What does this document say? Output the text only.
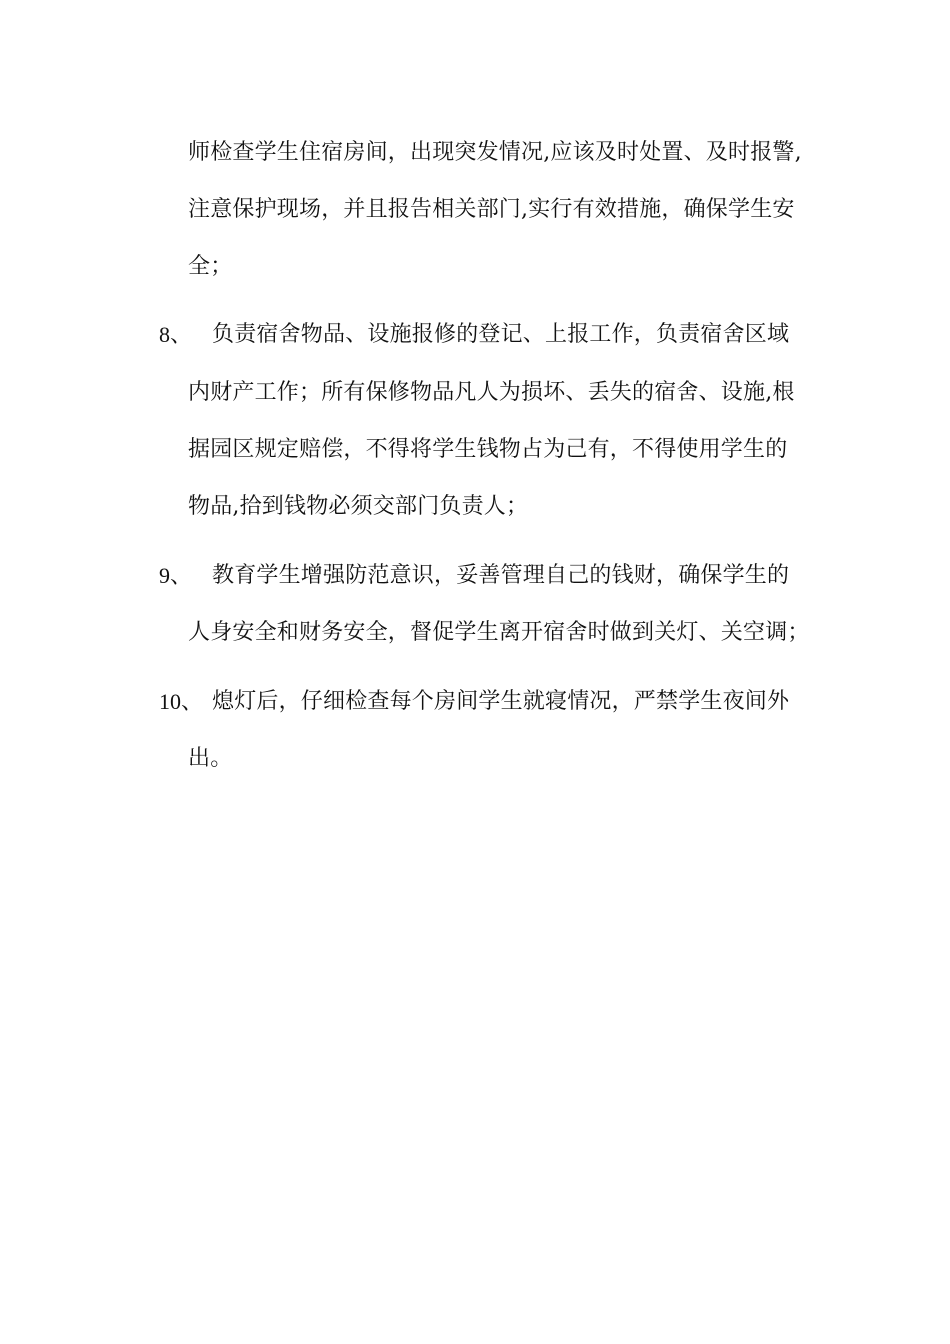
师检查学生住宿房间，出现突发情况,应该及时处置、及时报警,
注意保护现场，并且报告相关部门,实行有效措施，确保学生安
全；
8、 负责宿舍物品、设施报修的登记、上报工作，负责宿舍区域
内财产工作；所有保修物品凡人为损坏、丢失的宿舍、设施,根
据园区规定赔偿，不得将学生钱物占为己有，不得使用学生的
物品,拾到钱物必须交部门负责人；
9、 教育学生增强防范意识，妥善管理自己的钱财，确保学生的
人身安全和财务安全，督促学生离开宿舍时做到关灯、关空调；
10、 熄灯后，仔细检查每个房间学生就寝情况，严禁学生夜间外
出。
